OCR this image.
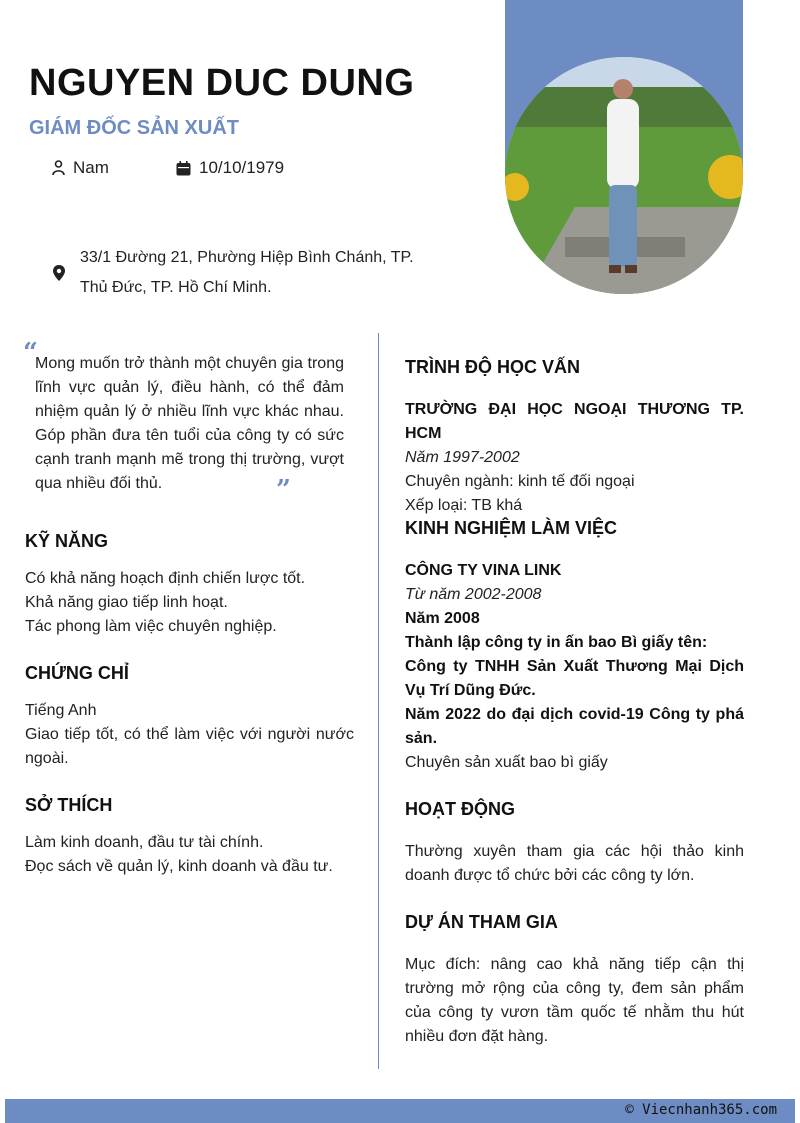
NGUYEN DUC DUNG
GIÁM ĐỐC SẢN XUẤT
Nam	10/10/1979
33/1 Đường 21, Phường Hiệp Bình Chánh, TP.
Thủ Đức, TP. Hồ Chí Minh.
“
Mong muốn trở thành một chuyên gia trong lĩnh vực quản lý, điều hành, có thể đảm nhiệm quản lý ở nhiều lĩnh vực khác nhau. Góp phần đưa tên tuổi của công ty có sức cạnh tranh mạnh mẽ trong thị trường, vượt qua nhiều đối thủ.	”
KỸ NĂNG
Có khả năng hoạch định chiến lược tốt.
Khả năng giao tiếp linh hoạt.
Tác phong làm việc chuyên nghiệp.
CHỨNG CHỈ
Tiếng Anh
Giao tiếp tốt, có thể làm việc với người nước ngoài.
SỞ THÍCH
Làm kinh doanh, đầu tư tài chính.
Đọc sách về quản lý, kinh doanh và đầu tư.
TRÌNH ĐỘ HỌC VẤN
TRƯỜNG ĐẠI HỌC NGOẠI THƯƠNG TP. HCM
Năm 1997-2002
Chuyên ngành: kinh tế đối ngoại
Xếp loại: TB khá
KINH NGHIỆM LÀM VIỆC
CÔNG TY VINA LINK
Từ năm 2002-2008
Năm 2008
Thành lập công ty in ấn bao Bì giấy tên:
Công ty TNHH Sản Xuất Thương Mại Dịch Vụ Trí Dũng Đức.
Năm 2022 do đại dịch covid-19 Công ty phá sản.
Chuyên sản xuất bao bì giấy
HOẠT ĐỘNG
Thường xuyên tham gia các hội thảo kinh doanh được tổ chức bởi các công ty lớn.
DỰ ÁN THAM GIA
Mục đích: nâng cao khả năng tiếp cận thị trường mở rộng của công ty, đem sản phẩm của công ty vươn tầm quốc tế nhằm thu hút nhiều đơn đặt hàng.
© Viecnhanh365.com
